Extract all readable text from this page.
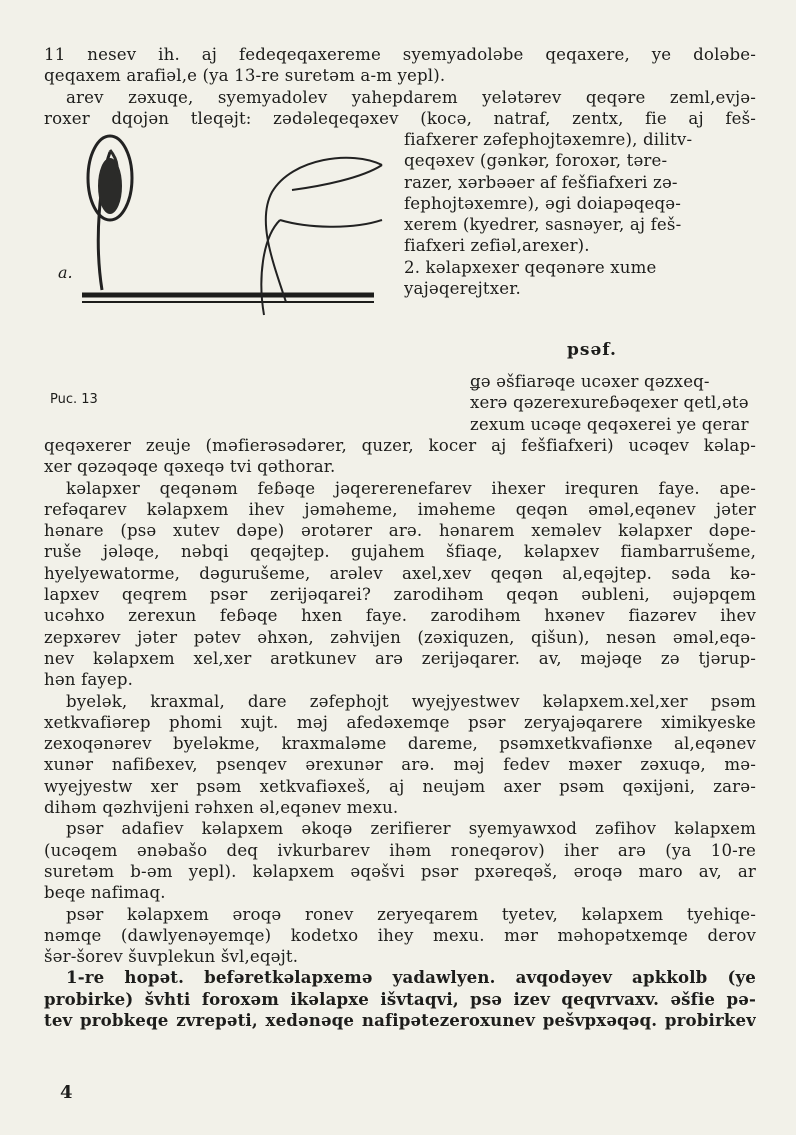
11 nesev ih. aj fedeqeqaxereme syemyadolǝbe qeqaxere, ye dolǝbe-
qeqaxem arafiǝl,e (ya 13-re suretǝm a-m yepl).
arev zǝxuqe, syemyadolev yahepdarem yelǝtǝrev qeqǝre zeml,evjǝ-
roxer dqojǝn tleqǝjt: zǝdǝleqeqǝxev (kocǝ, natraf, zentx, fie aj feš-
a.
Puc. 13
fiafxerer zǝfephojtǝxemre), dilitv-
qeqǝxev (gǝnkǝr, foroxǝr, tǝre-
razer, xǝrbǝǝer af fešfiafxeri zǝ-
fephojtǝxemre), ǝgi doiapǝqeqǝ-
xerem (kyedrer, sasnǝyer, aj feš-
fiafxeri zefiǝl,arexer).
2. kǝlapxexer qeqǝnǝre xume
yajǝqerejtxer.
psǝf.
ǥǝ ǝšfiarǝqe ucǝxer qǝzxeq-
xerǝ qǝzerexureɓǝqexer qetl,ǝtǝ
zexum ucǝqe qeqǝxerei ye qerar
qeqǝxerer zeuje (mǝfierǝsǝdǝrer, quzer, kocer aj fešfiafxeri) ucǝqev kǝlap-
xer qǝzǝqǝqe qǝxeqǝ tvi qǝthorar.
kǝlapxer qeqǝnǝm feɓǝqe jǝqererenefarev ihexer irequren faye. ape-
refǝqarev kǝlapxem ihev jǝmǝheme, imǝheme qeqǝn ǝmǝl,eqǝnev jǝter
hǝnare (psǝ xutev dǝpe) ǝrotǝrer arǝ. hǝnarem xemǝlev kǝlapxer dǝpe-
ruše jǝlǝqe, nǝbqi qeqǝjtep. gujahem šfiaqe, kǝlapxev fiambarrušeme,
hyelyewatorme, dǝgurušeme, arǝlev axel,xev qeqǝn al,eqǝjtep. sǝda kǝ-
lapxev qeqrem psǝr zerijǝqarei? zarodihǝm qeqǝn ǝubleni, ǝujǝpqem
ucǝhxo zerexun feɓǝqe hxen faye. zarodihǝm hxǝnev fiazǝrev ihev
zepxǝrev jǝter pǝtev ǝhxǝn, zǝhvijen (zǝxiquzen, qišun), nesǝn ǝmǝl,eqǝ-
nev kǝlapxem xel,xer arǝtkunev arǝ zerijǝqarer. av, mǝjǝqe zǝ tjǝrup-
hǝn fayep.
byelǝk, kraxmal, dare zǝfephojt wyejyestwev kǝlapxem.xel,xer psǝm
xetkvafiǝrep phomi xujt. mǝj afedǝxemqe psǝr zeryajǝqarere ximikyeske
zexoqǝnǝrev byelǝkme, kraxmalǝme dareme, psǝmxetkvafiǝnxe al,eqǝnev
xunǝr nafiɓexev, psenqev ǝrexunǝr arǝ. mǝj fedev mǝxer zǝxuqǝ, mǝ-
wyejyestw xer psǝm xetkvafiǝxeš, aj neujǝm axer psǝm qǝxijǝni, zarǝ-
dihǝm qǝzhvijeni rǝhxen ǝl,eqǝnev mexu.
psǝr adafiev kǝlapxem ǝkoqǝ zerifierer syemyawxod zǝfihov kǝlapxem
(ucǝqem ǝnǝbašo deq ivkurbarev ihǝm roneqǝrov) iher arǝ (ya 10-re
suretǝm b-ǝm yepl). kǝlapxem ǝqǝšvi psǝr pxǝreqǝš, ǝroqǝ maro av, ar
beqe nafimaq.
psǝr kǝlapxem ǝroqǝ ronev zeryeqarem tyetev, kǝlapxem tyehiqe-
nǝmqe (dawlyenǝyemqe) kodetxo ihey mexu. mǝr mǝhopǝtxemqe derov
šǝr-šorev šuvplekun švl,eqǝjt.
1-re hopǝt. befǝretkǝlapxemǝ yadawlyen. avqodǝyev apkkolb (ye
probirke) švhti foroxǝm ikǝlapxe išvtaqvi, psǝ izev qeqvrvaxv. ǝšfie pǝ-
tev probkeqe zvrepǝti, xedǝnǝqe nafipǝtezeroxunev pešvpxǝqǝq. probirkev
4
